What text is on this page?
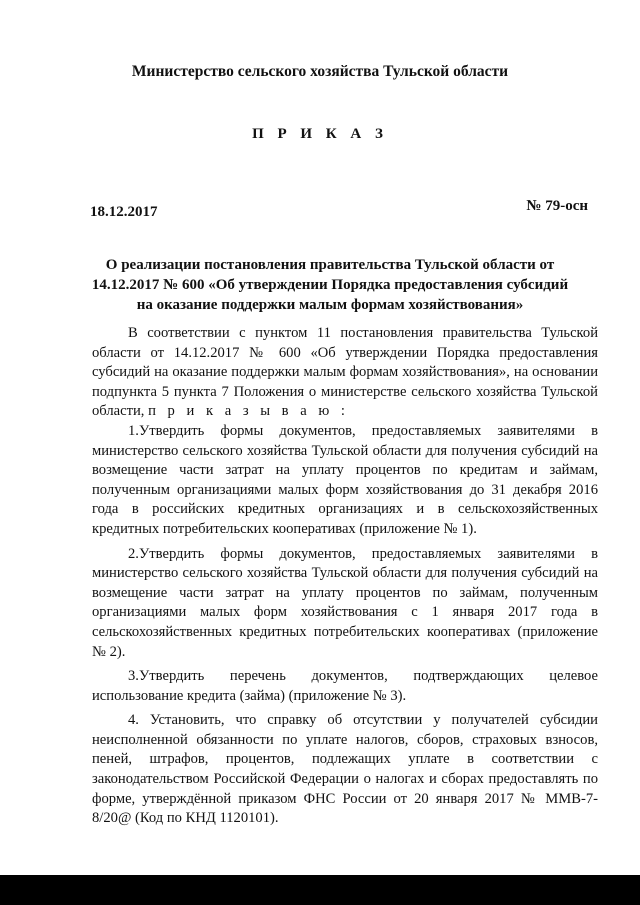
Министерство сельского хозяйства Тульской области
П Р И К А З
18.12.2017	№ 79-осн
О реализации постановления правительства Тульской области от
14.12.2017 № 600 «Об утверждении Порядка предоставления субсидий
на оказание поддержки малым формам хозяйствования»

В соответствии с пунктом 11 постановления правительства Тульской области от 14.12.2017 № 600 «Об утверждении Порядка предоставления субсидий на оказание поддержки малым формам хозяйствования», на основании подпункта 5 пункта 7 Положения о министерстве сельского хозяйства Тульской области, п р и к а з ы в а ю :

1.Утвердить формы документов, предоставляемых заявителями в министерство сельского хозяйства Тульской области для получения субсидий на возмещение части затрат на уплату процентов по кредитам и займам, полученным организациями малых форм хозяйствования до 31 декабря 2016 года в российских кредитных организациях и в сельскохозяйственных кредитных потребительских кооперативах (приложение № 1).

2.Утвердить формы документов, предоставляемых заявителями в министерство сельского хозяйства Тульской области для получения субсидий на возмещение части затрат на уплату процентов по займам, полученным организациями малых форм хозяйствования с 1 января 2017 года в сельскохозяйственных кредитных потребительских кооперативах (приложение № 2).

3.Утвердить перечень документов, подтверждающих целевое использование кредита (займа) (приложение № 3).

4. Установить, что справку об отсутствии у получателей субсидии неисполненной обязанности по уплате налогов, сборов, страховых взносов, пеней, штрафов, процентов, подлежащих уплате в соответствии с законодательством Российской Федерации о налогах и сборах предоставлять по форме, утверждённой приказом ФНС России от 20 января 2017 № ММВ-7-8/20@ (Код по КНД 1120101).
